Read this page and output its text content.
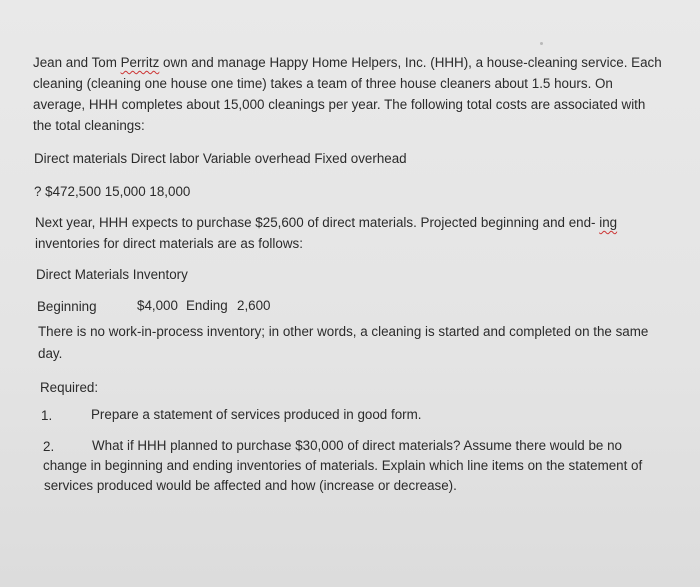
Jean and Tom Perritz own and manage Happy Home Helpers, Inc. (HHH), a house-cleaning service. Each
cleaning (cleaning one house one time) takes a team of three house cleaners about 1.5 hours. On
average, HHH completes about 15,000 cleanings per year. The following total costs are associated with
the total cleanings:
Direct materials Direct labor Variable overhead Fixed overhead
? $472,500 15,000 18,000
Next year, HHH expects to purchase $25,600 of direct materials. Projected beginning and end- ing
inventories for direct materials are as follows:
Direct Materials Inventory
Beginning	$4,000 Ending 2,600
There is no work-in-process inventory; in other words, a cleaning is started and completed on the same
day.
Required:
1.	Prepare a statement of services produced in good form.
2.	What if HHH planned to purchase $30,000 of direct materials? Assume there would be no
change in beginning and ending inventories of materials. Explain which line items on the statement of
services produced would be affected and how (increase or decrease).
